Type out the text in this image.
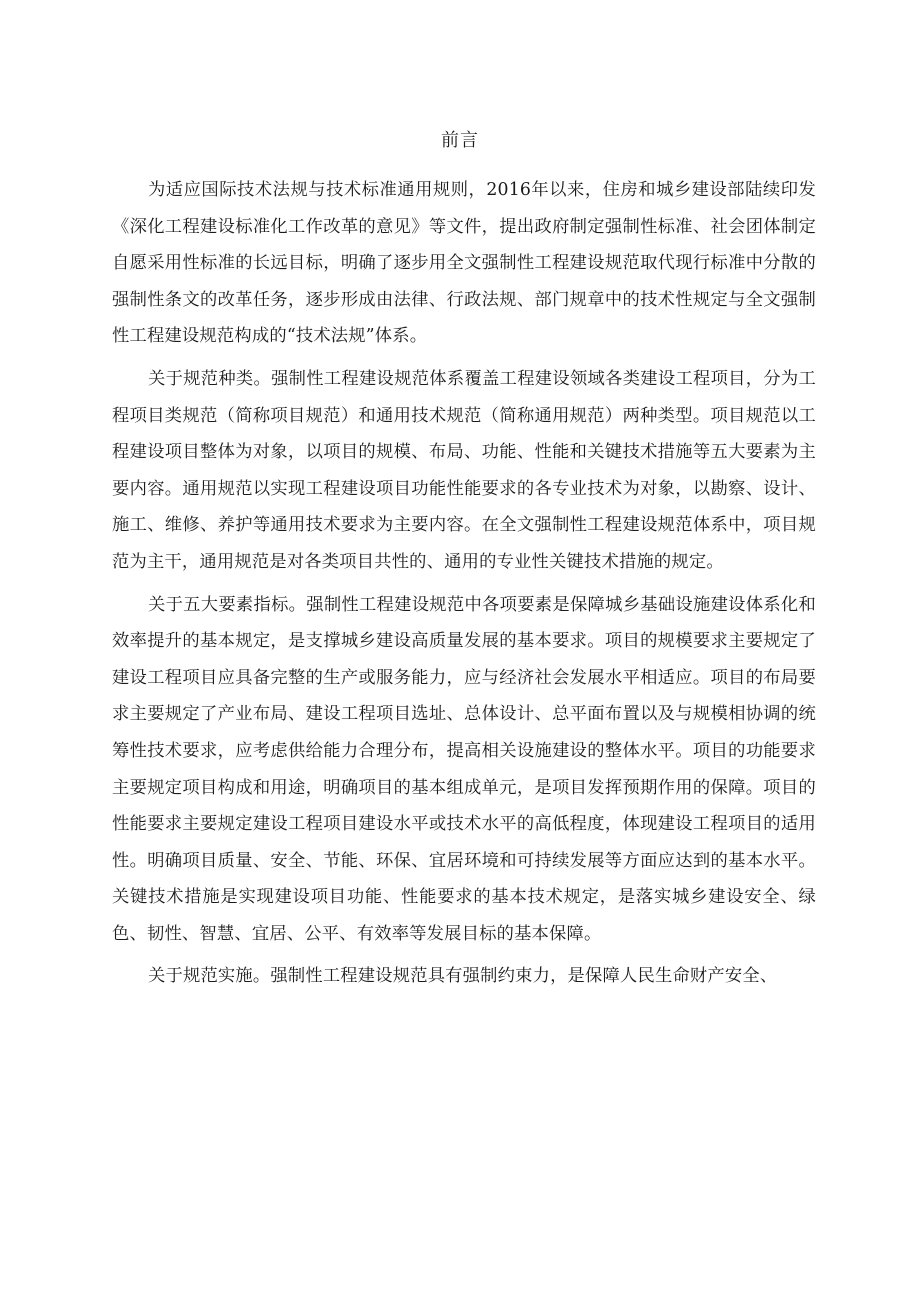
前言

为适应国际技术法规与技术标准通用规则，2016年以来，住房和城乡建设部陆续印发《深化工程建设标准化工作改革的意见》等文件，提出政府制定强制性标准、社会团体制定自愿采用性标准的长远目标，明确了逐步用全文强制性工程建设规范取代现行标准中分散的强制性条文的改革任务，逐步形成由法律、行政法规、部门规章中的技术性规定与全文强制性工程建设规范构成的“技术法规”体系。

关于规范种类。强制性工程建设规范体系覆盖工程建设领域各类建设工程项目，分为工程项目类规范（简称项目规范）和通用技术规范（简称通用规范）两种类型。项目规范以工程建设项目整体为对象，以项目的规模、布局、功能、性能和关键技术措施等五大要素为主要内容。通用规范以实现工程建设项目功能性能要求的各专业技术为对象，以勘察、设计、施工、维修、养护等通用技术要求为主要内容。在全文强制性工程建设规范体系中，项目规范为主干，通用规范是对各类项目共性的、通用的专业性关键技术措施的规定。

关于五大要素指标。强制性工程建设规范中各项要素是保障城乡基础设施建设体系化和效率提升的基本规定，是支撑城乡建设高质量发展的基本要求。项目的规模要求主要规定了建设工程项目应具备完整的生产或服务能力，应与经济社会发展水平相适应。项目的布局要求主要规定了产业布局、建设工程项目选址、总体设计、总平面布置以及与规模相协调的统筹性技术要求，应考虑供给能力合理分布，提高相关设施建设的整体水平。项目的功能要求主要规定项目构成和用途，明确项目的基本组成单元，是项目发挥预期作用的保障。项目的性能要求主要规定建设工程项目建设水平或技术水平的高低程度，体现建设工程项目的适用性。明确项目质量、安全、节能、环保、宜居环境和可持续发展等方面应达到的基本水平。关键技术措施是实现建设项目功能、性能要求的基本技术规定，是落实城乡建设安全、绿色、韧性、智慧、宜居、公平、有效率等发展目标的基本保障。

关于规范实施。强制性工程建设规范具有强制约束力，是保障人民生命财产安全、
